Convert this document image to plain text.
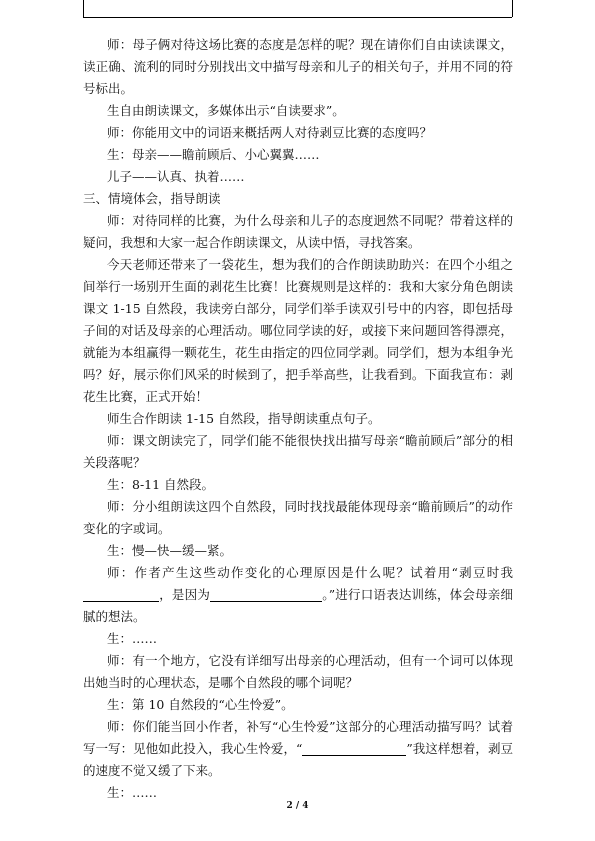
师：母子俩对待这场比赛的态度是怎样的呢？现在请你们自由读读课文，读正确、流利的同时分别找出文中描写母亲和儿子的相关句子，并用不同的符号标出。

生自由朗读课文，多媒体出示“自读要求”。

师：你能用文中的词语来概括两人对待剥豆比赛的态度吗？

生：母亲——瞻前顾后、小心翼翼……

儿子——认真、执着……

三、情境体会，指导朗读

师：对待同样的比赛，为什么母亲和儿子的态度迥然不同呢？带着这样的疑问，我想和大家一起合作朗读课文，从读中悟，寻找答案。

今天老师还带来了一袋花生，想为我们的合作朗读助助兴：在四个小组之间举行一场别开生面的剥花生比赛！比赛规则是这样的：我和大家分角色朗读课文 1-15 自然段，我读旁白部分，同学们举手读双引号中的内容，即包括母子间的对话及母亲的心理活动。哪位同学读的好，或接下来问题回答得漂亮，就能为本组赢得一颗花生，花生由指定的四位同学剥。同学们，想为本组争光吗？好，展示你们风采的时候到了，把手举高些，让我看到。下面我宣布：剥花生比赛，正式开始！

师生合作朗读 1-15 自然段，指导朗读重点句子。

师：课文朗读完了，同学们能不能很快找出描写母亲“瞻前顾后”部分的相关段落呢？

生：8-11 自然段。

师：分小组朗读这四个自然段，同时找找最能体现母亲“瞻前顾后”的动作变化的字或词。

生：慢—快—缓—紧。

师：作者产生这些动作变化的心理原因是什么呢？试着用“剥豆时我，是因为	。”进行口语表达训练，体会母亲细腻的想法。

生：……

师：有一个地方，它没有详细写出母亲的心理活动，但有一个词可以体现出她当时的心理状态，是哪个自然段的哪个词呢？

生：第 10 自然段的“心生怜爱”。

师：你们能当回小作者，补写“心生怜爱”这部分的心理活动描写吗？试着写一写：见他如此投入，我心生怜爱，“	”我这样想着，剥豆的速度不觉又缓了下来。

生：……

2 / 4
